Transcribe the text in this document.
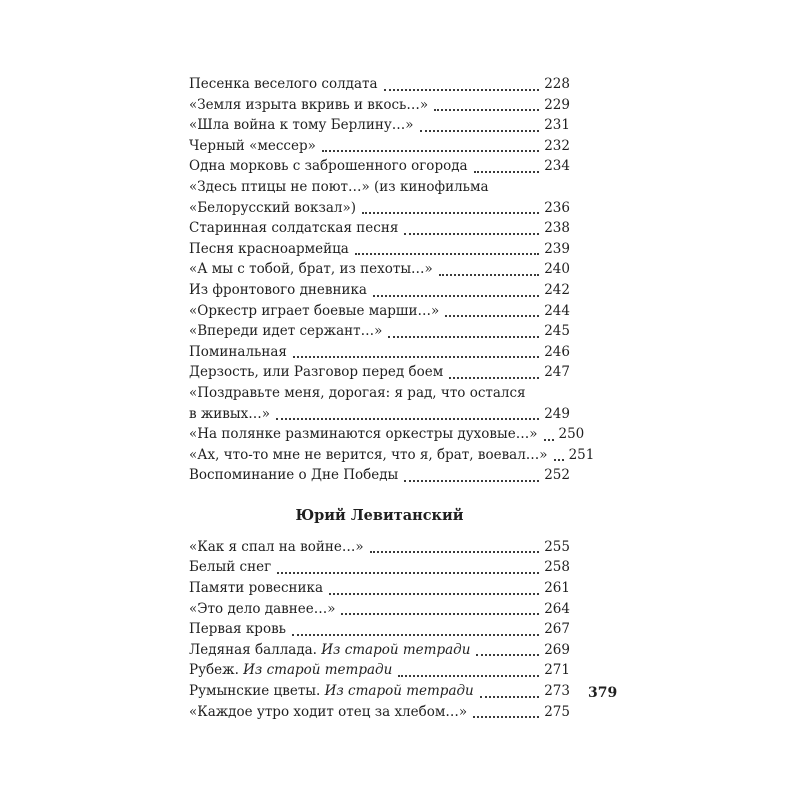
Песенка веселого солдата	228
«Земля изрыта вкривь и вкось…»	229
«Шла война к тому Берлину…»	231
Черный «мессер»	232
Одна морковь с заброшенного огорода	234
«Здесь птицы не поют…» (из кинофильма
«Белорусский вокзал»)	236
Старинная солдатская песня	238
Песня красноармейца	239
«А мы с тобой, брат, из пехоты…»	240
Из фронтового дневника	242
«Оркестр играет боевые марши…»	244
«Впереди идет сержант…»	245
Поминальная	246
Дерзость, или Разговор перед боем	247
«Поздравьте меня, дорогая: я рад, что остался
в живых…»	249
«На полянке разминаются оркестры духовые…» 250
«Ах, что-то мне не верится, что я, брат, воевал…» 251
Воспоминание о Дне Победы	252
Юрий Левитанский
«Как я спал на войне…»	255
Белый снег	258
Памяти ровесника	261
«Это дело давнее…»	264
Первая кровь	267
Ледяная баллада. Из старой тетради	269
Рубеж. Из старой тетради	271
Румынские цветы. Из старой тетради	273
«Каждое утро ходит отец за хлебом…»	275
379
